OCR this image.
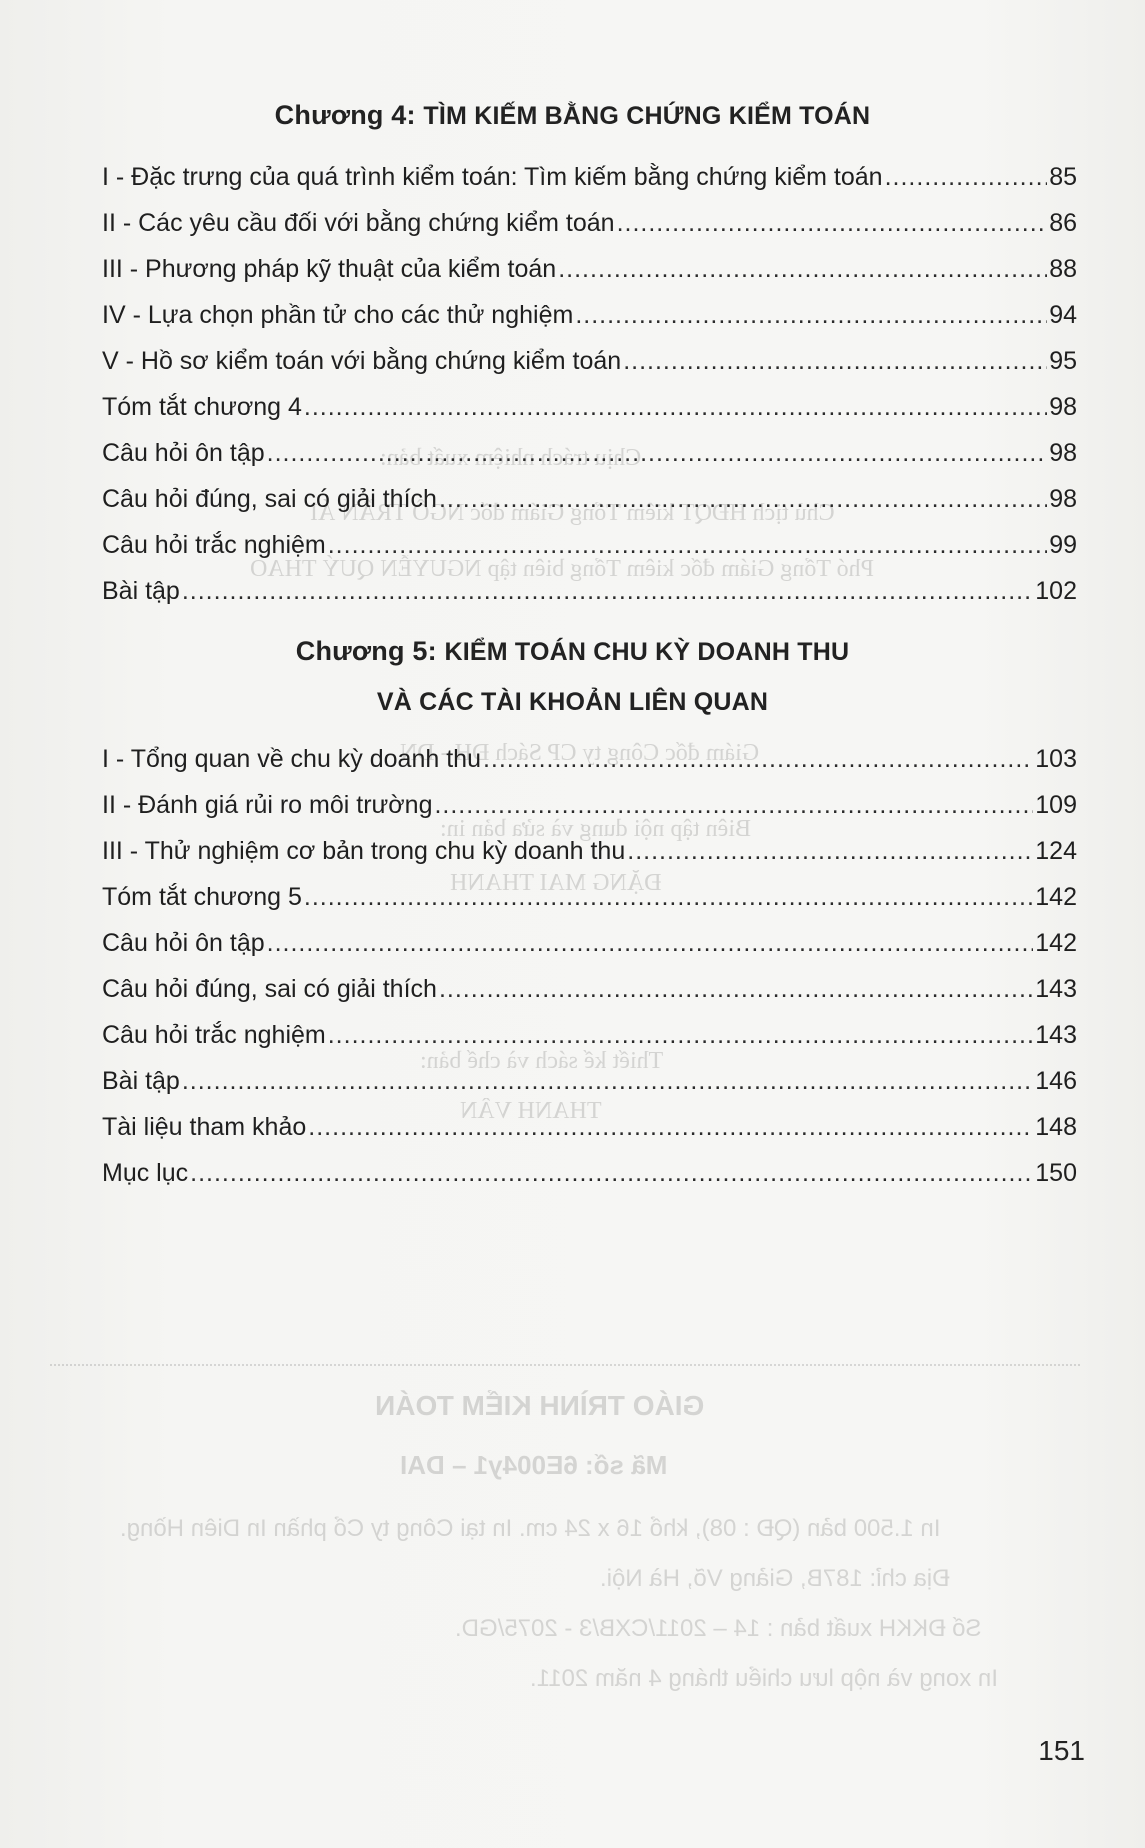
Chịu trách nhiệm xuất bản:
Chủ tịch HĐQT kiêm Tổng Giám đốc NGÔ TRẦN ÁI
Phó Tổng Giám đốc kiêm Tổng biên tập NGUYỄN QUÝ THAO
Giám đốc Công ty CP Sách ĐH - DN
Biên tập nội dung và sửa bản in:
ĐẶNG MAI THANH
Thiết kế sách và chế bản:
THANH VÂN
GIÁO TRÌNH KIỂM TOÁN
Mã số: 6E004y1 – DAI
In 1.500 bản (QĐ : 08), khổ 16 x 24 cm. In tại Công ty Cổ phần In Diên Hồng.
Địa chỉ: 187B, Giảng Võ, Hà Nội.
Số ĐKKH xuất bản : 14 – 2011/CXB/3 - 2075/GD.
In xong và nộp lưu chiểu tháng 4 năm 2011.
Chương 4: TÌM KIẾM BẰNG CHỨNG KIỂM TOÁN
I - Đặc trưng của quá trình kiểm toán: Tìm kiếm bằng chứng kiểm toán .....	85
II - Các yêu cầu đối với bằng chứng kiểm toán .....	86
III - Phương pháp kỹ thuật của kiểm toán .....	88
IV - Lựa chọn phần tử cho các thử nghiệm .....	94
V - Hồ sơ kiểm toán với bằng chứng kiểm toán .....	95
Tóm tắt chương 4 .....	98
Câu hỏi ôn tập .....	98
Câu hỏi đúng, sai có giải thích .....	98
Câu hỏi trắc nghiệm .....	99
Bài tập .....	102
Chương 5: KIỂM TOÁN CHU KỲ DOANH THU
VÀ CÁC TÀI KHOẢN LIÊN QUAN
I - Tổng quan về chu kỳ doanh thu .....	103
II - Đánh giá rủi ro môi trường .....	109
III - Thử nghiệm cơ bản trong chu kỳ doanh thu .....	124
Tóm tắt chương 5 .....	142
Câu hỏi ôn tập .....	142
Câu hỏi đúng, sai có giải thích .....	143
Câu hỏi trắc nghiệm .....	143
Bài tập .....	146
Tài liệu tham khảo .....	148
Mục lục .....	150
151
